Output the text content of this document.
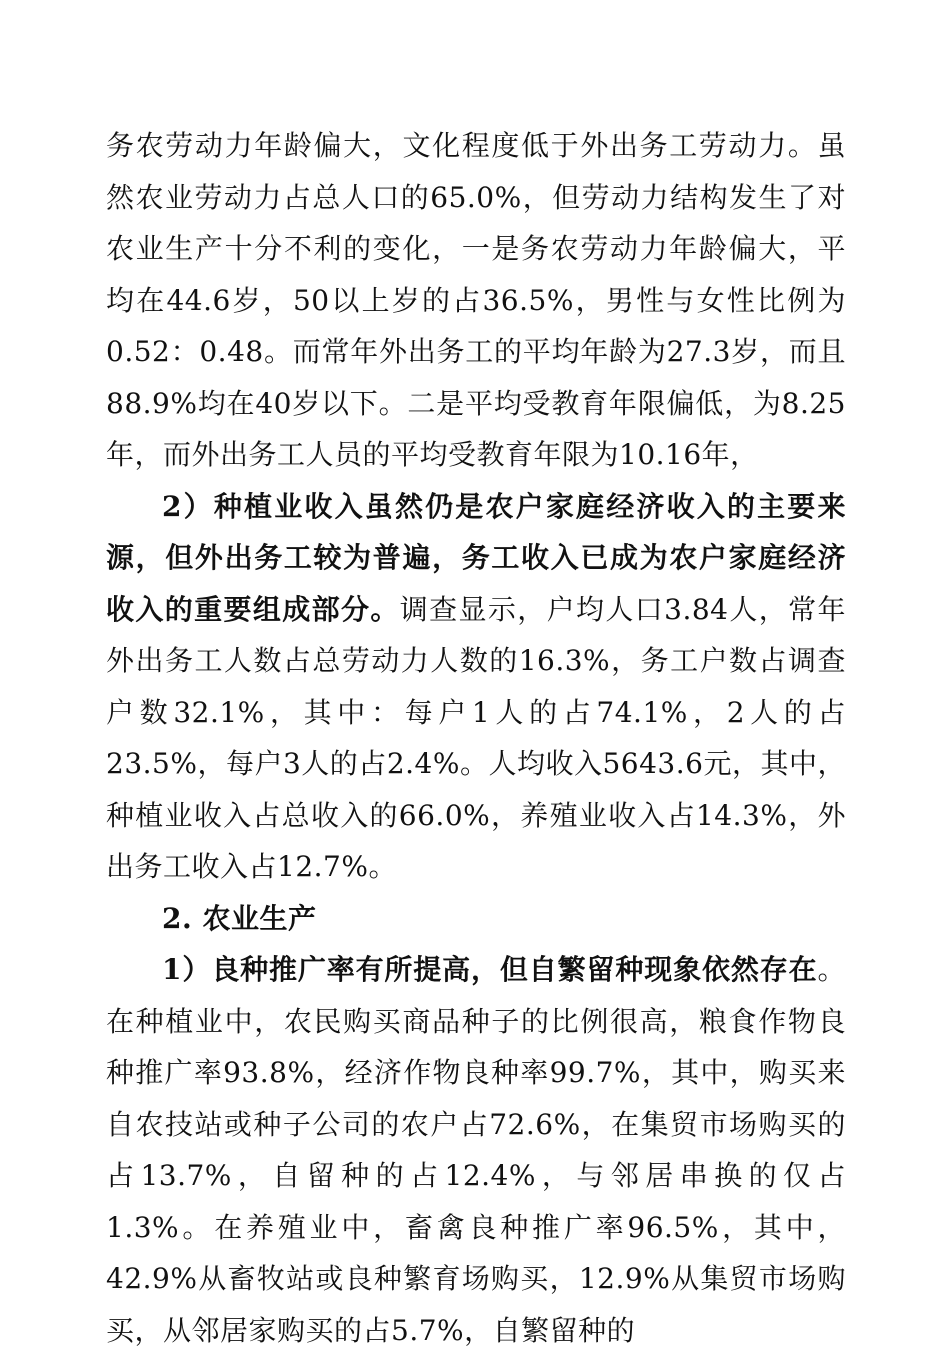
务农劳动力年龄偏大，文化程度低于外出务工劳动力。虽然农业劳动力占总人口的65.0%，但劳动力结构发生了对农业生产十分不利的变化，一是务农劳动力年龄偏大，平均在44.6岁，50以上岁的占36.5%，男性与女性比例为0.52：0.48。而常年外出务工的平均年龄为27.3岁，而且88.9%均在40岁以下。二是平均受教育年限偏低，为8.25年，而外出务工人员的平均受教育年限为10.16年，

2）种植业收入虽然仍是农户家庭经济收入的主要来源，但外出务工较为普遍，务工收入已成为农户家庭经济收入的重要组成部分。调查显示，户均人口3.84人，常年外出务工人数占总劳动力人数的16.3%，务工户数占调查户数32.1%，其中：每户1人的占74.1%，2人的占23.5%，每户3人的占2.4%。人均收入5643.6元，其中，种植业收入占总收入的66.0%，养殖业收入占14.3%，外出务工收入占12.7%。

2. 农业生产

1）良种推广率有所提高，但自繁留种现象依然存在。在种植业中，农民购买商品种子的比例很高，粮食作物良种推广率93.8%，经济作物良种率99.7%，其中，购买来自农技站或种子公司的农户占72.6%，在集贸市场购买的占13.7%，自留种的占12.4%，与邻居串换的仅占1.3%。在养殖业中，畜禽良种推广率96.5%，其中，42.9%从畜牧站或良种繁育场购买，12.9%从集贸市场购买，从邻居家购买的占5.7%，自繁留种的
